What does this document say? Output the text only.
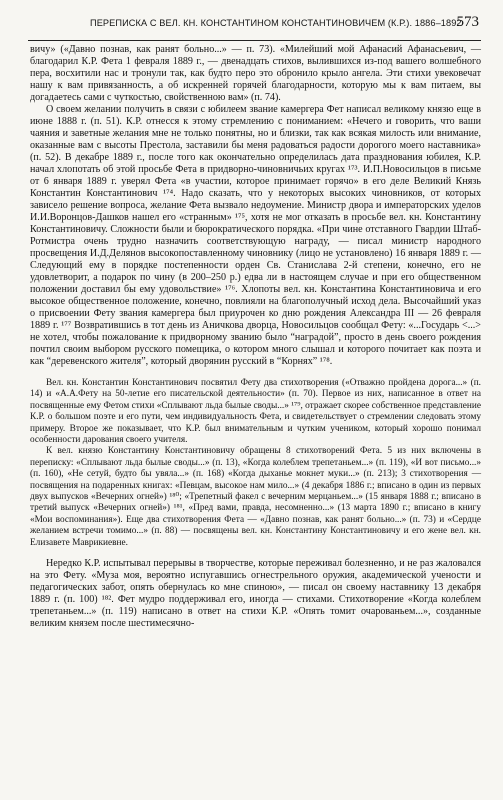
ПЕРЕПИСКА С ВЕЛ. КН. КОНСТАНТИНОМ КОНСТАНТИНОВИЧЕМ (К.Р.). 1886–1892
573

вичу» («Давно познав, как ранят больно...» — п. 73). «Милейший мой Афанасий Афанасьевич, — благодарил К.Р. Фета 1 февраля 1889 г., — двенадцать стихов, вылившихся из-под вашего волшебного пера, восхитили нас и тронули так, как будто перо это обронило крыло ангела. Эти стихи увековечат нашу к вам привязанность, а об искренней горячей благодарности, которую мы к вам питаем, вы догадаетесь сами с чуткостью, свойственною вам» (п. 74).

О своем желании получить в связи с юбилеем звание камергера Фет написал великому князю еще в июне 1888 г. (п. 51). К.Р. отнесся к этому стремлению с пониманием: «Нечего и говорить, что ваши чаяния и заветные желания мне не только понятны, но и близки, так как всякая милость или внимание, оказанные вам с высоты Престола, заставили бы меня радоваться радости дорогого моего наставника» (п. 52). В декабре 1889 г., после того как окончательно определилась дата празднования юбилея, К.Р. начал хлопотать об этой просьбе Фета в придворно-чиновничьих кругах ¹⁷³. И.П.Новосильцов в письме от 6 января 1889 г. уверял Фета «в участии, которое принимает горячо» в его деле Великий Князь Константин Константинович ¹⁷⁴. Надо сказать, что у некоторых высоких чиновников, от которых зависело решение вопроса, желание Фета вызвало недоумение. Министр двора и императорских уделов И.И.Воронцов-Дашков нашел его «странным» ¹⁷⁵, хотя не мог отказать в просьбе вел. кн. Константину Константиновичу. Сложности были и бюрократического порядка. «При чине отставного Гвардии Штаб-Ротмистра очень трудно назначить соответствующую награду, — писал министр народного просвещения И.Д.Делянов высокопоставленному чиновнику (лицо не установлено) 16 января 1889 г. — Следующий ему в порядке постепенности орден Св. Станислава 2-й степени, конечно, его не удовлетворит, а подарок по чину (в 200–250 р.) едва ли в настоящем случае и при его общественном положении доставил бы ему удовольствие» ¹⁷⁶. Хлопоты вел. кн. Константина Константиновича и его высокое общественное положение, конечно, повлияли на благополучный исход дела. Высочайший указ о присвоении Фету звания камергера был приурочен ко дню рождения Александра III — 26 февраля 1889 г. ¹⁷⁷ Возвратившись в тот день из Аничкова дворца, Новосильцов сообщал Фету: «...Государь <...> не хотел, чтобы пожалование к придворному званию было “наградой”, просто в день своего рождения почтил своим выбором русского помещика, о котором много слышал и которого почитает как поэта и как “деревенского жителя”, который дворянин русский в “Корнях” ¹⁷⁸.

Вел. кн. Константин Константинович посвятил Фету два стихотворения («Отважно пройдена дорога...» (п. 14) и «А.А.Фету на 50-летие его писательской деятельности» (п. 70). Первое из них, написанное в ответ на посвященные ему Фетом стихи «Сплывают льда былые своды...» ¹⁷⁹, отражает скорее собственное представление К.Р. о большом поэте и его пути, чем индивидуальность Фета, и свидетельствует о стремлении следовать этому примеру. Второе же показывает, что К.Р. был внимательным и чутким учеником, который хорошо понимал особенности дарования своего учителя.

К вел. князю Константину Константиновичу обращены 8 стихотворений Фета. 5 из них включены в переписку: «Сплывают льда былые своды...» (п. 13), «Когда колеблем трепетаньем...» (п. 119), «И вот письмо...» (п. 160), «Не сетуй, будто бы увяла...» (п. 168) «Когда дыханье мокнет муки...» (п. 213); 3 стихотворения — посвящения на подаренных книгах: «Певцам, высокое нам мило...» (4 декабря 1886 г.; вписано в один из первых двух выпусков «Вечерних огней») ¹⁸⁰; «Трепетный факел с вечерним мерцаньем...» (15 января 1888 г.; вписано в третий выпуск «Вечерних огней») ¹⁸¹, «Пред вами, правда, несомненно...» (13 марта 1890 г.; вписано в книгу «Мои воспоминания»). Еще два стихотворения Фета — «Давно познав, как ранят больно...» (п. 73) и «Сердце желанием встречи томимо...» (п. 88) — посвящены вел. кн. Константину Константиновичу и его жене вел. кн. Елизавете Маврикиевне.

Нередко К.Р. испытывал перерывы в творчестве, которые переживал болезненно, и не раз жаловался на это Фету. «Муза моя, вероятно испугавшись огнестрельного оружия, академической учености и педагогических забот, опять обернулась ко мне спиною», — писал он своему наставнику 13 декабря 1889 г. (п. 100) ¹⁸². Фет мудро поддерживал его, иногда — стихами. Стихотворение «Когда колеблем трепетаньем...» (п. 119) написано в ответ на стихи К.Р. «Опять томит очарованьем...», созданные великим князем после шестимесячно-
